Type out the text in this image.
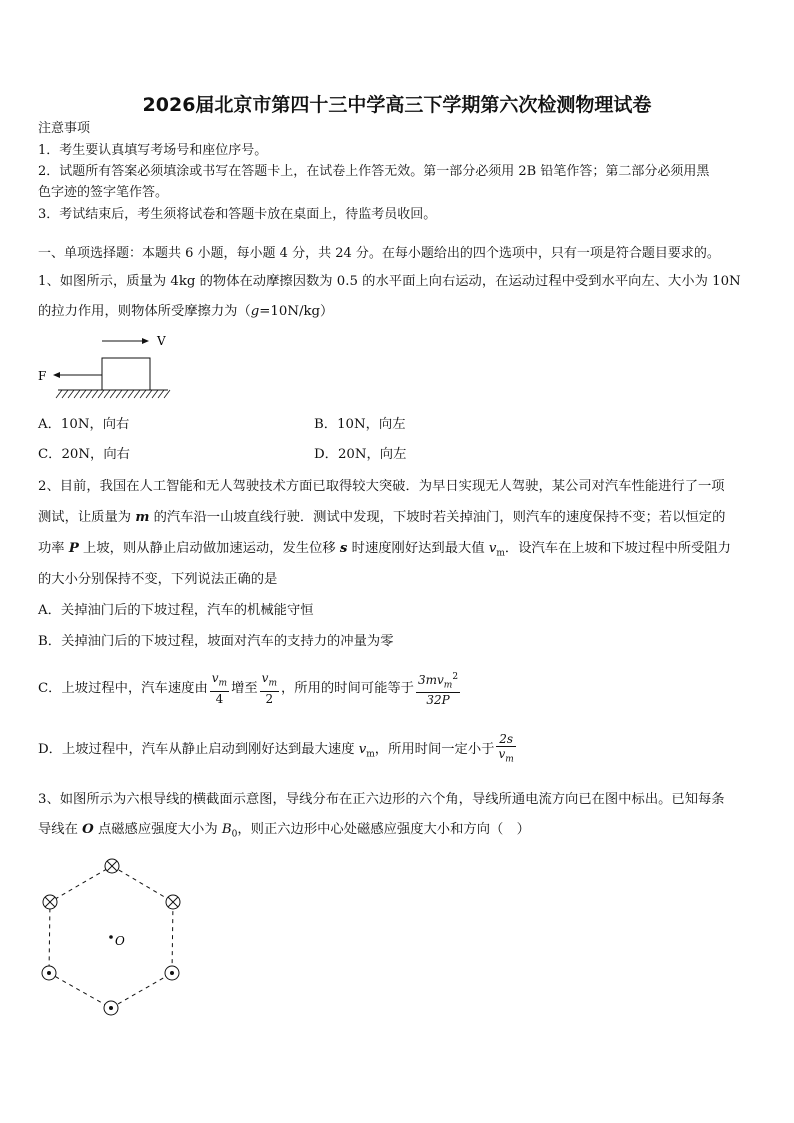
2026届北京市第四十三中学高三下学期第六次检测物理试卷
注意事项
1．考生要认真填写考场号和座位序号。
2．试题所有答案必须填涂或书写在答题卡上，在试卷上作答无效。第一部分必须用 2B 铅笔作答；第二部分必须用黑
色字迹的签字笔作答。
3．考试结束后，考生须将试卷和答题卡放在桌面上，待监考员收回。
一、单项选择题：本题共 6 小题，每小题 4 分，共 24 分。在每小题给出的四个选项中，只有一项是符合题目要求的。
1、如图所示，质量为 4kg 的物体在动摩擦因数为 0.5 的水平面上向右运动，在运动过程中受到水平向左、大小为 10N
的拉力作用，则物体所受摩擦力为（g=10N/kg）
V
F
A．10N，向右	B．10N，向左
C．20N，向右	D．20N，向左
2、目前，我国在人工智能和无人驾驶技术方面已取得较大突破．为早日实现无人驾驶，某公司对汽车性能进行了一项
测试，让质量为 m 的汽车沿一山坡直线行驶．测试中发现，下坡时若关掉油门，则汽车的速度保持不变；若以恒定的
功率 P 上坡，则从静止启动做加速运动，发生位移 s 时速度刚好达到最大值 $v_m$．设汽车在上坡和下坡过程中所受阻力
的大小分别保持不变，下列说法正确的是
A．关掉油门后的下坡过程，汽车的机械能守恒
B．关掉油门后的下坡过程，坡面对汽车的支持力的冲量为零
C．上坡过程中，汽车速度由 $\frac{v_m}{4}$ 增至 $\frac{v_m}{2}$ ，所用的时间可能等于 $\frac{3mv_m^2}{32P}$
D．上坡过程中，汽车从静止启动到刚好达到最大速度 $v_m$，所用时间一定小于 $\frac{2s}{v_m}$
3、如图所示为六根导线的横截面示意图，导线分布在正六边形的六个角，导线所通电流方向已在图中标出。已知每条
导线在 O 点磁感应强度大小为 $B_0$，则正六边形中心处磁感应强度大小和方向（　）
O
